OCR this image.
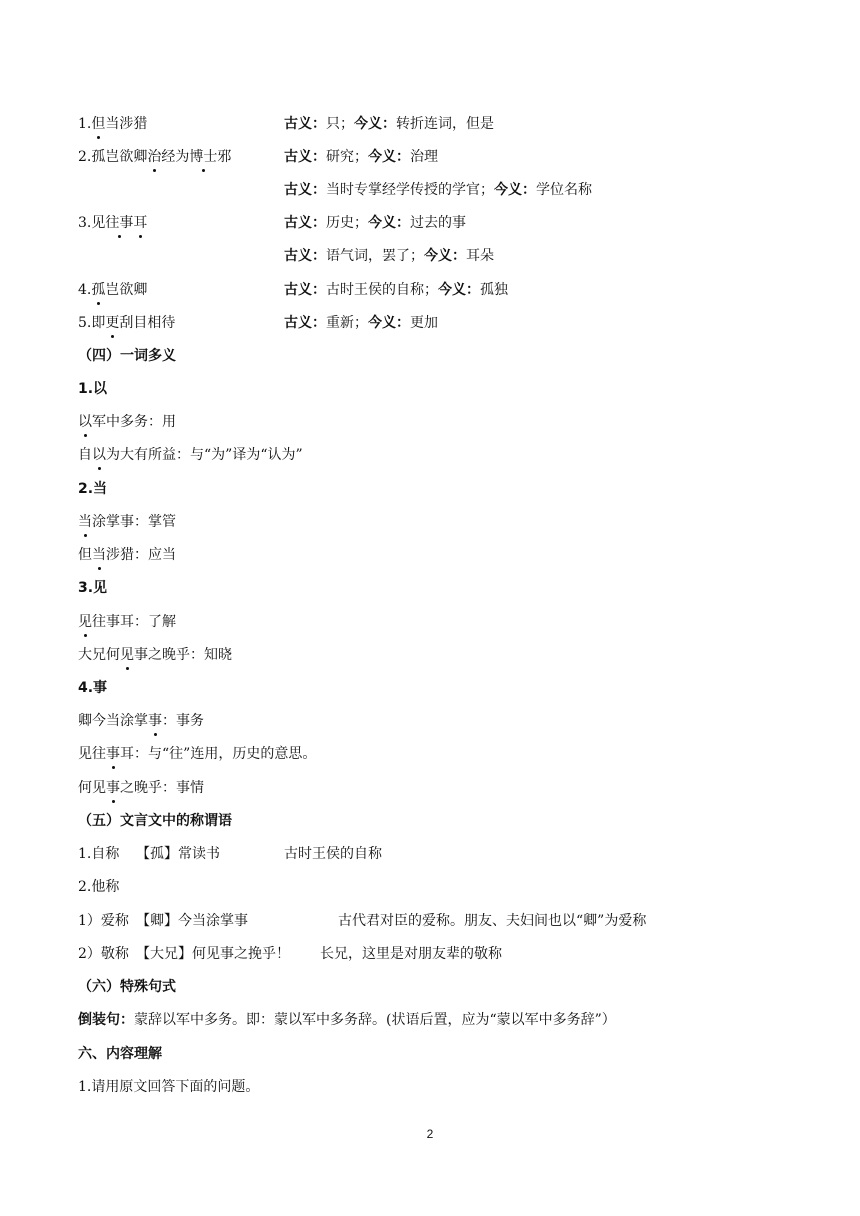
1.但当涉猎	古义：只；今义：转折连词，但是
2.孤岂欲卿治经为博士邪	古义：研究；今义：治理
古义：当时专掌经学传授的学官；今义：学位名称
3.见往事耳	古义：历史；今义：过去的事
古义：语气词，罢了；今义：耳朵
4.孤岂欲卿	古义：古时王侯的自称；今义：孤独
5.即更刮目相待	古义：重新；今义：更加
（四）一词多义
1.以
以军中多务：用
自以为大有所益：与“为”译为“认为”
2.当
当涂掌事：掌管
但当涉猎：应当
3.见
见往事耳：了解
大兄何见事之晚乎：知晓
4.事
卿今当涂掌事：事务
见往事耳：与“往”连用，历史的意思。
何见事之晚乎：事情
（五）文言文中的称谓语
1.自称 【孤】常读书	古时王侯的自称
2.他称
1）爱称 【卿】今当涂掌事	古代君对臣的爱称。朋友、夫妇间也以“卿”为爱称
2）敬称 【大兄】何见事之挽乎！ 长兄，这里是对朋友辈的敬称
（六）特殊句式
倒装句：蒙辞以军中多务。即：蒙以军中多务辞。(状语后置，应为“蒙以军中多务辞”）
六、内容理解
1.请用原文回答下面的问题。
2
